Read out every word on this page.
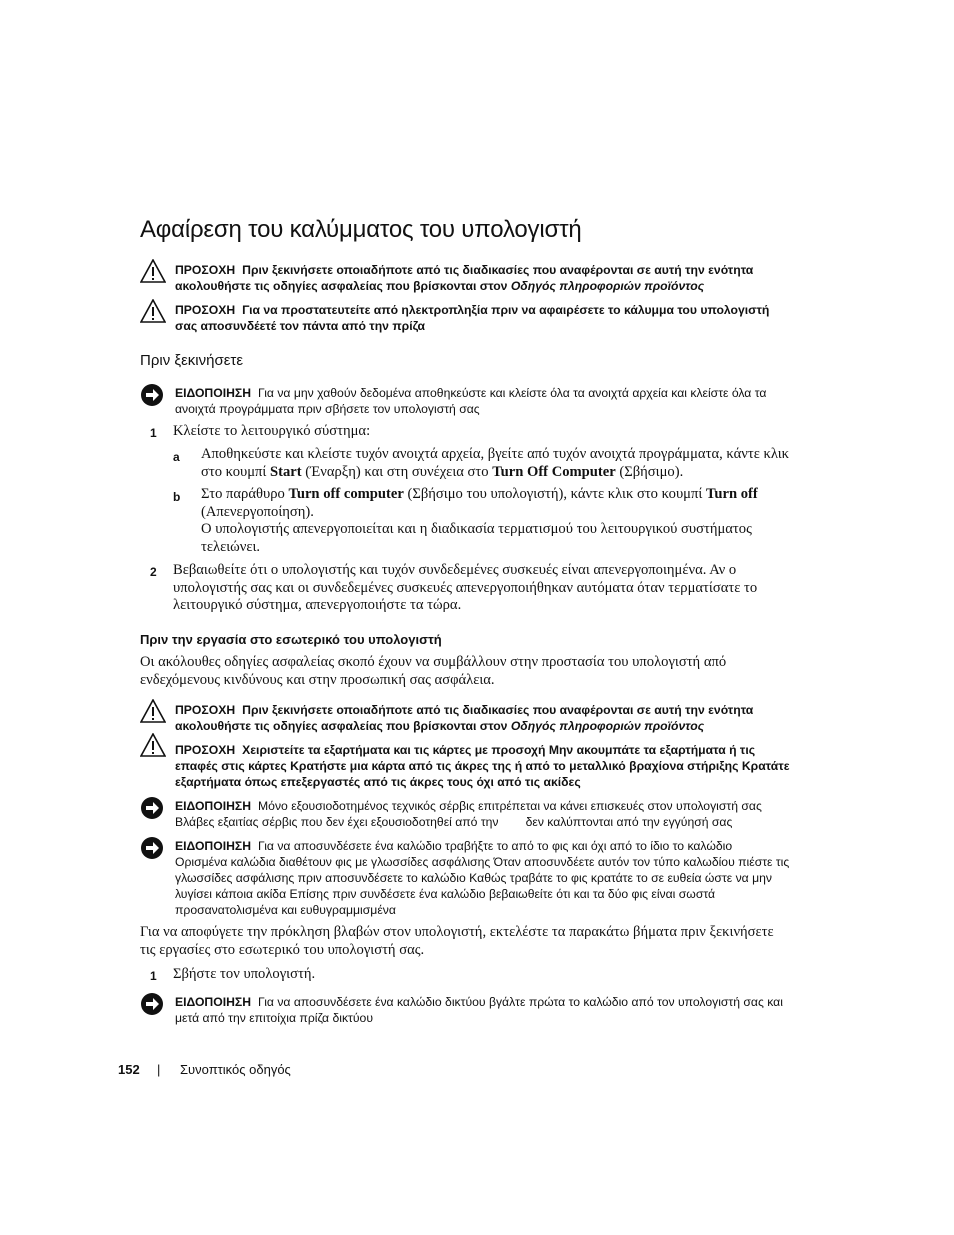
Αφαίρεση του καλύμματος του υπολογιστή
ΠΡΟΣΟΧΗ Πριν ξεκινήσετε οποιαδήποτε από τις διαδικασίες που αναφέρονται σε αυτή την ενότητα
ακολουθήστε τις οδηγίες ασφαλείας που βρίσκονται στον Οδηγός πληροφοριών προϊόντος
ΠΡΟΣΟΧΗ Για να προστατευτείτε από ηλεκτροπληξία πριν να αφαιρέσετε το κάλυμμα του υπολογιστή
σας αποσυνδέετέ τον πάντα από την πρίζα
Πριν ξεκινήσετε
ΕΙΔΟΠΟΙΗΣΗ Για να μην χαθούν δεδομένα αποθηκεύστε και κλείστε όλα τα ανοιχτά αρχεία και κλείστε όλα τα
ανοιχτά προγράμματα πριν σβήσετε τον υπολογιστή σας
1 Κλείστε το λειτουργικό σύστημα:
a Αποθηκεύστε και κλείστε τυχόν ανοιχτά αρχεία, βγείτε από τυχόν ανοιχτά προγράμματα, κάντε κλικ
στο κουμπί Start (Έναρξη) και στη συνέχεια στο Turn Off Computer (Σβήσιμο).
b Στο παράθυρο Turn off computer (Σβήσιμο του υπολογιστή), κάντε κλικ στο κουμπί Turn off
(Απενεργοποίηση).
Ο υπολογιστής απενεργοποιείται και η διαδικασία τερματισμού του λειτουργικού συστήματος
τελειώνει.
2 Βεβαιωθείτε ότι ο υπολογιστής και τυχόν συνδεδεμένες συσκευές είναι απενεργοποιημένα. Αν ο
υπολογιστής σας και οι συνδεδεμένες συσκευές απενεργοποιήθηκαν αυτόματα όταν τερματίσατε το
λειτουργικό σύστημα, απενεργοποιήστε τα τώρα.
Πριν την εργασία στο εσωτερικό του υπολογιστή
Οι ακόλουθες οδηγίες ασφαλείας σκοπό έχουν να συμβάλλουν στην προστασία του υπολογιστή από
ενδεχόμενους κινδύνους και στην προσωπική σας ασφάλεια.
ΠΡΟΣΟΧΗ Πριν ξεκινήσετε οποιαδήποτε από τις διαδικασίες που αναφέρονται σε αυτή την ενότητα
ακολουθήστε τις οδηγίες ασφαλείας που βρίσκονται στον Οδηγός πληροφοριών προϊόντος
ΠΡΟΣΟΧΗ Χειριστείτε τα εξαρτήματα και τις κάρτες με προσοχή Μην ακουμπάτε τα εξαρτήματα ή τις
επαφές στις κάρτες Κρατήστε μια κάρτα από τις άκρες της ή από το μεταλλικό βραχίονα στήριξης Κρατάτε
εξαρτήματα όπως επεξεργαστές από τις άκρες τους όχι από τις ακίδες
ΕΙΔΟΠΟΙΗΣΗ Μόνο εξουσιοδοτημένος τεχνικός σέρβις επιτρέπεται να κάνει επισκευές στον υπολογιστή σας
Βλάβες εξαιτίας σέρβις που δεν έχει εξουσιοδοτηθεί από την        δεν καλύπτονται από την εγγύησή σας
ΕΙΔΟΠΟΙΗΣΗ Για να αποσυνδέσετε ένα καλώδιο τραβήξτε το από το φις και όχι από το ίδιο το καλώδιο
Ορισμένα καλώδια διαθέτουν φις με γλωσσίδες ασφάλισης Όταν αποσυνδέετε αυτόν τον τύπο καλωδίου πιέστε τις
γλωσσίδες ασφάλισης πριν αποσυνδέσετε το καλώδιο Καθώς τραβάτε το φις κρατάτε το σε ευθεία ώστε να μην
λυγίσει κάποια ακίδα Επίσης πριν συνδέσετε ένα καλώδιο βεβαιωθείτε ότι και τα δύο φις είναι σωστά
προσανατολισμένα και ευθυγραμμισμένα
Για να αποφύγετε την πρόκληση βλαβών στον υπολογιστή, εκτελέστε τα παρακάτω βήματα πριν ξεκινήσετε
τις εργασίες στο εσωτερικό του υπολογιστή σας.
1 Σβήστε τον υπολογιστή.
ΕΙΔΟΠΟΙΗΣΗ Για να αποσυνδέσετε ένα καλώδιο δικτύου βγάλτε πρώτα το καλώδιο από τον υπολογιστή σας και
μετά από την επιτοίχια πρίζα δικτύου
152 | Συνοπτικός οδηγός
